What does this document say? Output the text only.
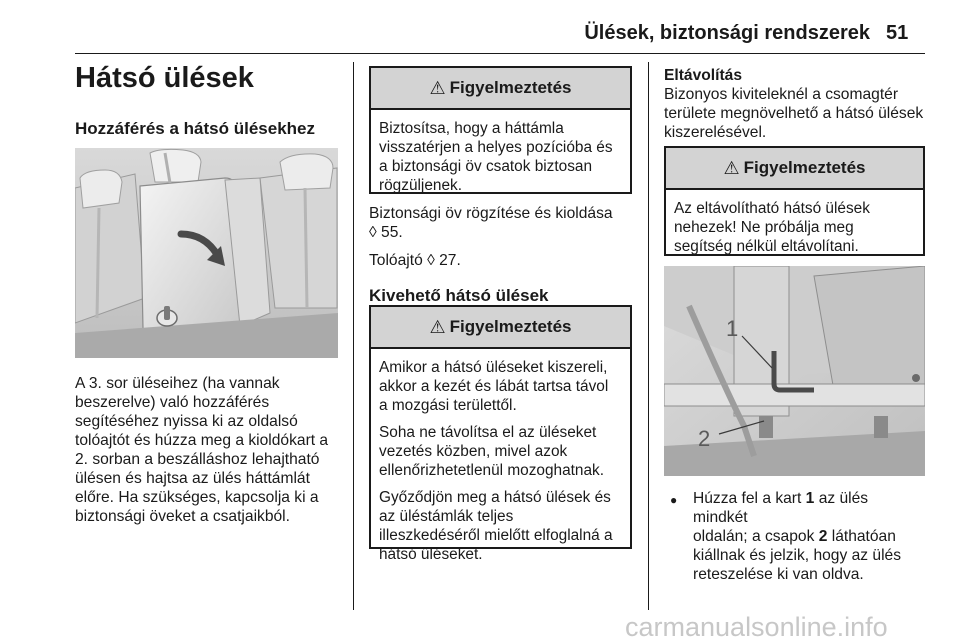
Ülések, biztonsági rendszerek 51
Hátsó ülések
Hozzáférés a hátsó ülésekhez

A 3. sor üléseihez (ha vannak
beszerelve) való hozzáférés
segítéséhez nyissa ki az oldalsó
tolóajtót és húzza meg a kioldókart a
2. sorban a beszálláshoz lehajtható
ülésen és hajtsa az ülés háttámlát
előre. Ha szükséges, kapcsolja ki a
biztonsági öveket a csatjaikból.

⚠ Figyelmeztetés

Biztosítsa, hogy a háttámla
visszatérjen a helyes pozícióba és
a biztonsági öv csatok biztosan
rögzüljenek.

Biztonsági öv rögzítése és kioldása
◊ 55.

Tolóajtó ◊ 27.

Kivehető hátsó ülések
⚠ Figyelmeztetés

Amikor a hátsó üléseket kiszereli,
akkor a kezét és lábát tartsa távol
a mozgási területtől.

Soha ne távolítsa el az üléseket
vezetés közben, mivel azok
ellenőrizhetetlenül mozoghatnak.

Győződjön meg a hátsó ülések és
az üléstámlák teljes
illeszkedéséről mielőtt elfoglalná a
hátsó üléseket.

Eltávolítás

Bizonyos kiviteleknél a csomagtér
területe megnövelhető a hátsó ülések
kiszerelésével.

⚠ Figyelmeztetés

Az eltávolítható hátsó ülések
nehezek! Ne próbálja meg
segítség nélkül eltávolítani.

1
2
●	Húzza fel a kart 1 az ülés mindkét
oldalán; a csapok 2 láthatóan
kiállnak és jelzik, hogy az ülés
reteszelése ki van oldva.

carmanualsonline.info
